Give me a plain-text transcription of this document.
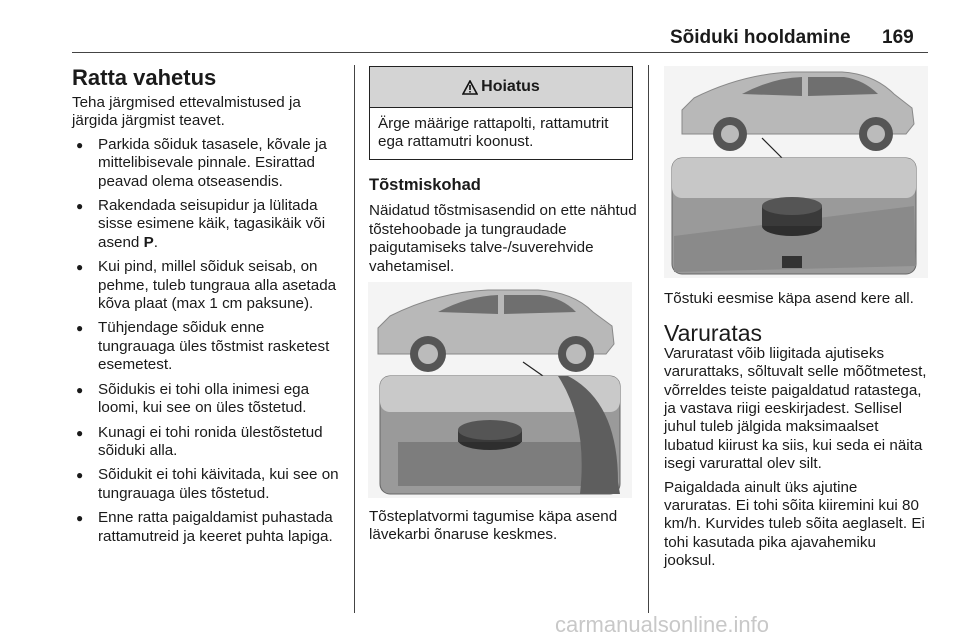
Sõiduki hooldamine 169
Ratta vahetus
Teha järgmised ettevalmistused ja järgida järgmist teavet.
● Parkida sõiduk tasasele, kõvale ja mittelibisevale pinnale. Esirattad peavad olema otseasendis.
● Rakendada seisupidur ja lülitada sisse esimene käik, tagasikäik või asend P.
● Kui pind, millel sõiduk seisab, on pehme, tuleb tungraua alla asetada kõva plaat (max 1 cm paksune).
● Tühjendage sõiduk enne tungrauaga üles tõstmist rasketest esemetest.
● Sõidukis ei tohi olla inimesi ega loomi, kui see on üles tõstetud.
● Kunagi ei tohi ronida ülestõstetud sõiduki alla.
● Sõidukit ei tohi käivitada, kui see on tungrauaga üles tõstetud.
● Enne ratta paigaldamist puhastada rattamutreid ja keeret puhta lapiga.
Hoiatus
Ärge määrige rattapolti, rattamutrit ega rattamutri koonust.
Tõstmiskohad
Näidatud tõstmisasendid on ette nähtud tõstehoobade ja tungraudade paigutamiseks talve-/suverehvide vahetamisel.
Tõsteplatvormi tagumise käpa asend lävekarbi õnaruse keskmes.
Tõstuki eesmise käpa asend kere all.
Varuratas
Varuratast võib liigitada ajutiseks varurattaks, sõltuvalt selle mõõtmetest, võrreldes teiste paigaldatud ratastega, ja vastava riigi eeskirjadest. Sellisel juhul tuleb jälgida maksimaalset lubatud kiirust ka siis, kui seda ei näita isegi varurattal olev silt.
Paigaldada ainult üks ajutine varuratas. Ei tohi sõita kiiremini kui 80 km/h. Kurvides tuleb sõita aeglaselt. Ei tohi kasutada pika ajavahemiku jooksul.
carmanualsonline.info
